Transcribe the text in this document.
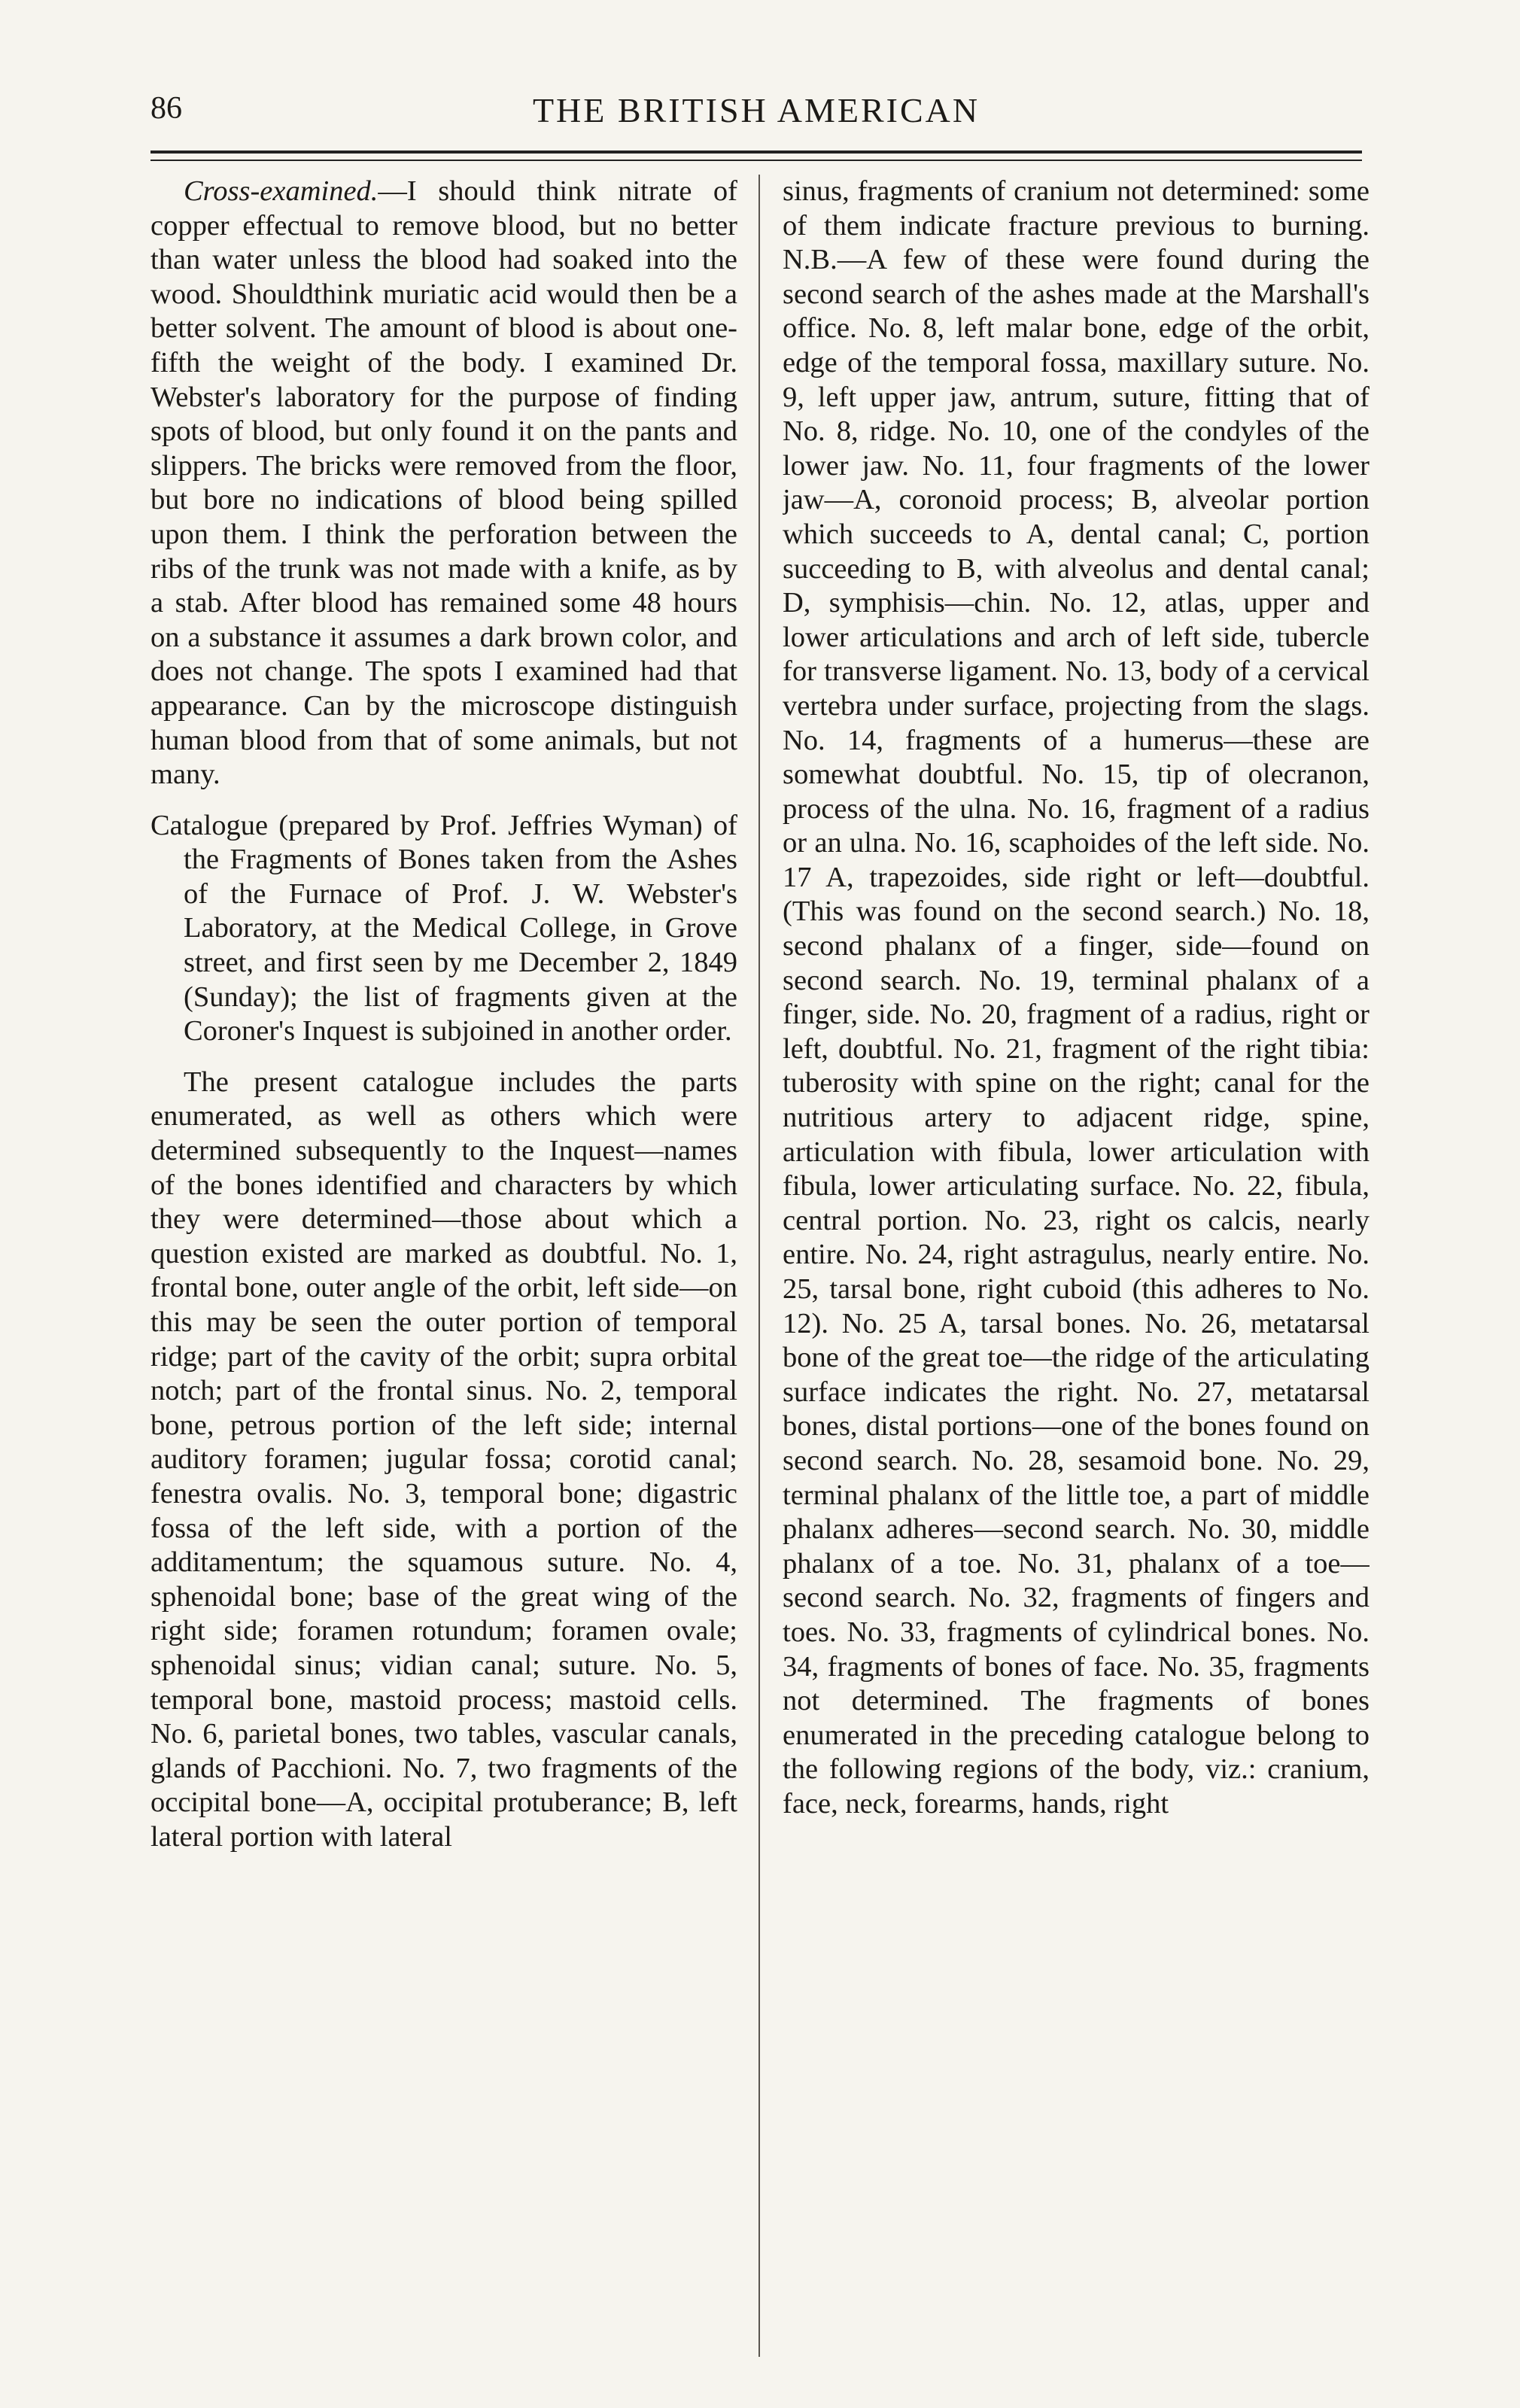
86	THE BRITISH AMERICAN

Cross-examined.—I should think nitrate of copper effectual to remove blood, but no better than water unless the blood had soaked into the wood. Shouldthink muriatic acid would then be a better solvent. The amount of blood is about one-fifth the weight of the body. I examined Dr. Webster's laboratory for the purpose of finding spots of blood, but only found it on the pants and slippers. The bricks were removed from the floor, but bore no indications of blood being spilled upon them. I think the perforation between the ribs of the trunk was not made with a knife, as by a stab. After blood has remained some 48 hours on a substance it assumes a dark brown color, and does not change. The spots I examined had that appearance. Can by the microscope distinguish human blood from that of some animals, but not many.

Catalogue (prepared by Prof. Jeffries Wyman) of the Fragments of Bones taken from the Ashes of the Furnace of Prof. J. W. Webster's Laboratory, at the Medical College, in Grove street, and first seen by me December 2, 1849 (Sunday); the list of fragments given at the Coroner's Inquest is subjoined in another order.

The present catalogue includes the parts enumerated, as well as others which were determined subsequently to the Inquest—names of the bones identified and characters by which they were determined—those about which a question existed are marked as doubtful. No. 1, frontal bone, outer angle of the orbit, left side—on this may be seen the outer portion of temporal ridge; part of the cavity of the orbit; supra orbital notch; part of the frontal sinus. No. 2, temporal bone, petrous portion of the left side; internal auditory foramen; jugular fossa; corotid canal; fenestra ovalis. No. 3, temporal bone; digastric fossa of the left side, with a portion of the additamentum; the squamous suture. No. 4, sphenoidal bone; base of the great wing of the right side; foramen rotundum; foramen ovale; sphenoidal sinus; vidian canal; suture. No. 5, temporal bone, mastoid process; mastoid cells. No. 6, parietal bones, two tables, vascular canals, glands of Pacchioni. No. 7, two fragments of the occipital bone—A, occipital protuberance; B, left lateral portion with lateral

sinus, fragments of cranium not determined: some of them indicate fracture previous to burning. N.B.—A few of these were found during the second search of the ashes made at the Marshall's office. No. 8, left malar bone, edge of the orbit, edge of the temporal fossa, maxillary suture. No. 9, left upper jaw, antrum, suture, fitting that of No. 8, ridge. No. 10, one of the condyles of the lower jaw. No. 11, four fragments of the lower jaw—A, coronoid process; B, alveolar portion which succeeds to A, dental canal; C, portion succeeding to B, with alveolus and dental canal; D, symphisis—chin. No. 12, atlas, upper and lower articulations and arch of left side, tubercle for transverse ligament. No. 13, body of a cervical vertebra under surface, projecting from the slags. No. 14, fragments of a humerus—these are somewhat doubtful. No. 15, tip of olecranon, process of the ulna. No. 16, fragment of a radius or an ulna. No. 16, scaphoides of the left side. No. 17 A, trapezoides, side right or left—doubtful. (This was found on the second search.) No. 18, second phalanx of a finger, side—found on second search. No. 19, terminal phalanx of a finger, side. No. 20, fragment of a radius, right or left, doubtful. No. 21, fragment of the right tibia: tuberosity with spine on the right; canal for the nutritious artery to adjacent ridge, spine, articulation with fibula, lower articulation with fibula, lower articulating surface. No. 22, fibula, central portion. No. 23, right os calcis, nearly entire. No. 24, right astragulus, nearly entire. No. 25, tarsal bone, right cuboid (this adheres to No. 12). No. 25 A, tarsal bones. No. 26, metatarsal bone of the great toe—the ridge of the articulating surface indicates the right. No. 27, metatarsal bones, distal portions—one of the bones found on second search. No. 28, sesamoid bone. No. 29, terminal phalanx of the little toe, a part of middle phalanx adheres—second search. No. 30, middle phalanx of a toe. No. 31, phalanx of a toe—second search. No. 32, fragments of fingers and toes. No. 33, fragments of cylindrical bones. No. 34, fragments of bones of face. No. 35, fragments not determined. The fragments of bones enumerated in the preceding catalogue belong to the following regions of the body, viz.: cranium, face, neck, forearms, hands, right
